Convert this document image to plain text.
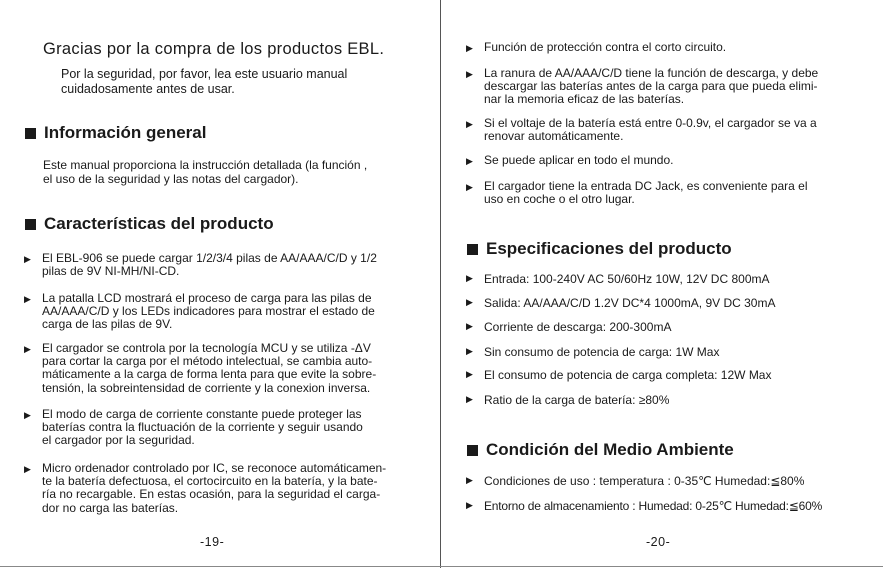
Gracias por la compra de los productos EBL.
Por la seguridad, por favor, lea este usuario manual
cuidadosamente antes de usar.
Información general
Este manual proporciona la instrucción detallada (la función ,
el uso de la seguridad y las notas del cargador).
Características del producto
▶ El EBL-906 se puede cargar 1/2/3/4 pilas de AA/AAA/C/D y 1/2
pilas de 9V NI-MH/NI-CD.
▶ La patalla LCD mostrará el proceso de carga para las pilas de
AA/AAA/C/D y los LEDs indicadores para mostrar el estado de
carga de las pilas de 9V.
▶ El cargador se controla por la tecnología MCU y se utiliza -ΔV
para cortar la carga por el método intelectual, se cambia auto-
máticamente a la carga de forma lenta para que evite la sobre-
tensión, la sobreintensidad de corriente y la conexion inversa.
▶ El modo de carga de corriente constante puede proteger las
baterías contra la fluctuación de la corriente y seguir usando
el cargador por la seguridad.
▶ Micro ordenador controlado por IC, se reconoce automáticamen-
te la batería defectuosa, el cortocircuito en la batería, y la bate-
ría no recargable. En estas ocasión, para la seguridad el carga-
dor no carga las baterías.
-19-
▶ Función de protección contra el corto circuito.
▶ La ranura de AA/AAA/C/D tiene la función de descarga, y debe
descargar las baterías antes de la carga para que pueda elimi-
nar la memoria eficaz de las baterías.
▶ Si el voltaje de la batería está entre 0-0.9v, el cargador se va a
renovar automáticamente.
▶ Se puede aplicar en todo el mundo.
▶ El cargador tiene la entrada DC Jack, es conveniente para el
uso en coche o el otro lugar.
Especificaciones del producto
▶ Entrada: 100-240V AC 50/60Hz 10W, 12V DC 800mA
▶ Salida: AA/AAA/C/D 1.2V DC*4 1000mA, 9V DC 30mA
▶ Corriente de descarga: 200-300mA
▶ Sin consumo de potencia de carga: 1W Max
▶ El consumo de potencia de carga completa: 12W Max
▶ Ratio de la carga de batería: ≥80%
Condición del Medio Ambiente
▶ Condiciones de uso : temperatura : 0-35℃ Humedad:≦80%
▶ Entorno de almacenamiento : Humedad: 0-25℃ Humedad:≦60%
-20-
